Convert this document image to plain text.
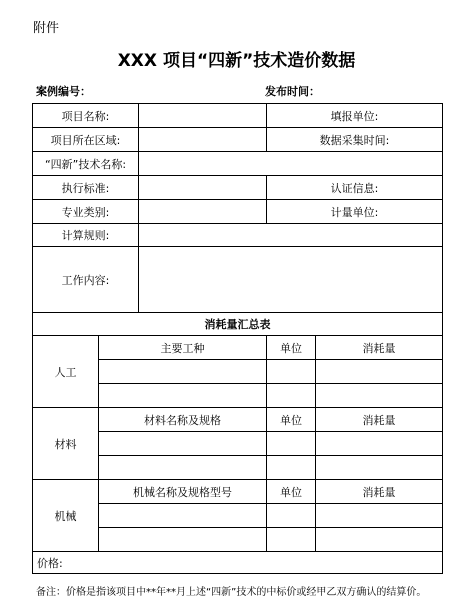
附件
XXX 项目“四新”技术造价数据
案例编号：	发布时间：
项目名称:			填报单位:	
项目所在区域:			数据采集时间:	
“四新”技术名称:				
执行标准:			认证信息:	
专业类别:			计量单位:	
计算规则:				
工作内容:				
消耗量汇总表				
人工	主要工种		单位	消耗量

材料	材料名称及规格		单位	消耗量

机械	机械名称及规格型号		单位	消耗量

价格:				
备注：价格是指该项目中**年**月上述“四新”技术的中标价或经甲乙双方确认的结算价。
